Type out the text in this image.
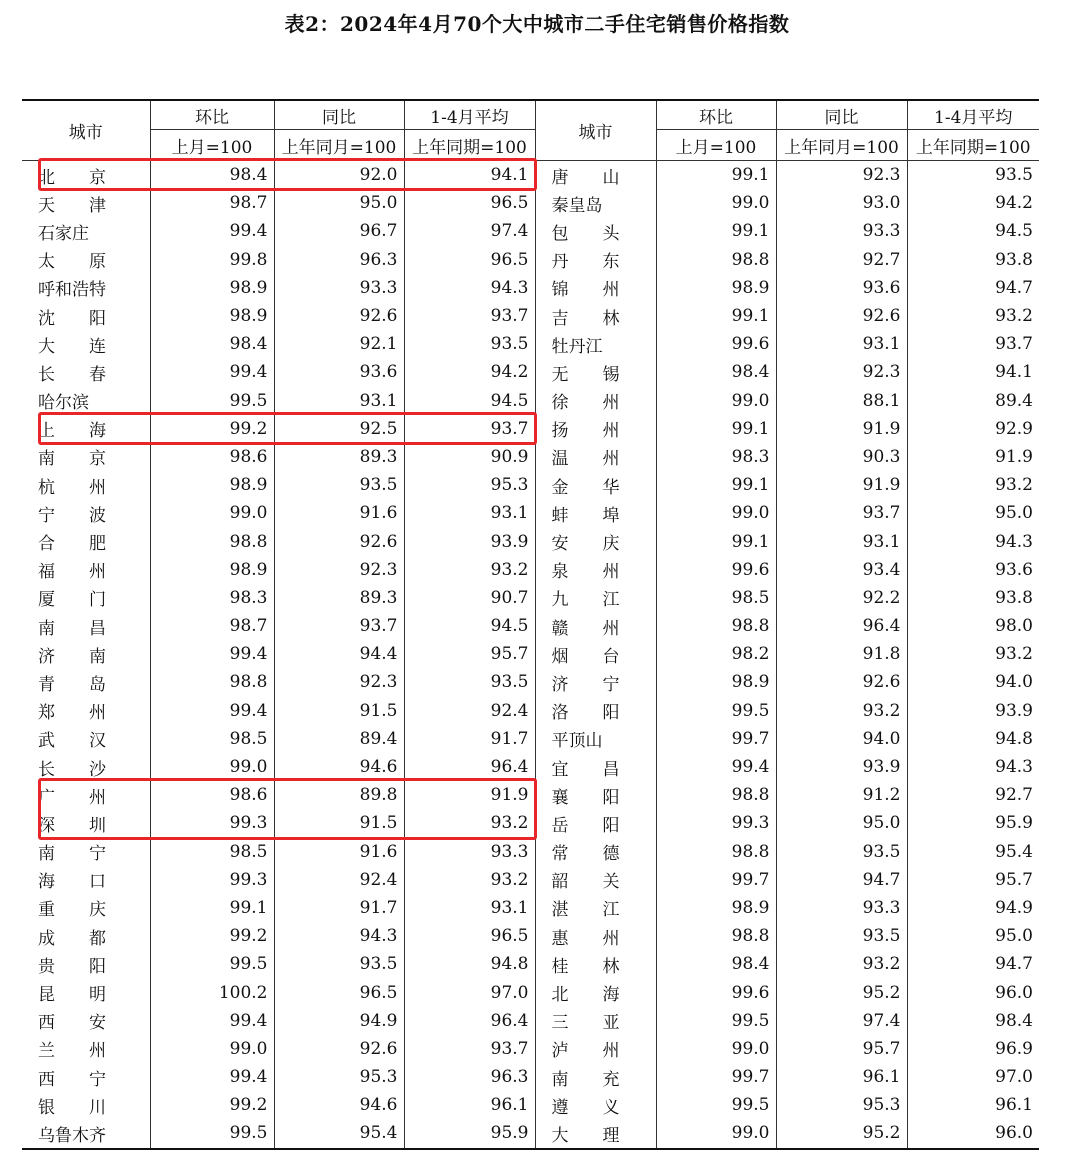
表2：2024年4月70个大中城市二手住宅销售价格指数
城市	环比	同比	1-4月平均	城市	环比	同比	1-4月平均
	上月=100	上年同月=100	上年同期=100		上月=100	上年同月=100	上年同期=100
北　　京	98.4	92.0	94.1	唐　　山	99.1	92.3	93.5
天　　津	98.7	95.0	96.5	秦皇岛	99.0	93.0	94.2
石家庄	99.4	96.7	97.4	包　　头	99.1	93.3	94.5
太　　原	99.8	96.3	96.5	丹　　东	98.8	92.7	93.8
呼和浩特	98.9	93.3	94.3	锦　　州	98.9	93.6	94.7
沈　　阳	98.9	92.6	93.7	吉　　林	99.1	92.6	93.2
大　　连	98.4	92.1	93.5	牡丹江	99.6	93.1	93.7
长　　春	99.4	93.6	94.2	无　　锡	98.4	92.3	94.1
哈尔滨	99.5	93.1	94.5	徐　　州	99.0	88.1	89.4
上　　海	99.2	92.5	93.7	扬　　州	99.1	91.9	92.9
南　　京	98.6	89.3	90.9	温　　州	98.3	90.3	91.9
杭　　州	98.9	93.5	95.3	金　　华	99.1	91.9	93.2
宁　　波	99.0	91.6	93.1	蚌　　埠	99.0	93.7	95.0
合　　肥	98.8	92.6	93.9	安　　庆	99.1	93.1	94.3
福　　州	98.9	92.3	93.2	泉　　州	99.6	93.4	93.6
厦　　门	98.3	89.3	90.7	九　　江	98.5	92.2	93.8
南　　昌	98.7	93.7	94.5	赣　　州	98.8	96.4	98.0
济　　南	99.4	94.4	95.7	烟　　台	98.2	91.8	93.2
青　　岛	98.8	92.3	93.5	济　　宁	98.9	92.6	94.0
郑　　州	99.4	91.5	92.4	洛　　阳	99.5	93.2	93.9
武　　汉	98.5	89.4	91.7	平顶山	99.7	94.0	94.8
长　　沙	99.0	94.6	96.4	宜　　昌	99.4	93.9	94.3
广　　州	98.6	89.8	91.9	襄　　阳	98.8	91.2	92.7
深　　圳	99.3	91.5	93.2	岳　　阳	99.3	95.0	95.9
南　　宁	98.5	91.6	93.3	常　　德	98.8	93.5	95.4
海　　口	99.3	92.4	93.2	韶　　关	99.7	94.7	95.7
重　　庆	99.1	91.7	93.1	湛　　江	98.9	93.3	94.9
成　　都	99.2	94.3	96.5	惠　　州	98.8	93.5	95.0
贵　　阳	99.5	93.5	94.8	桂　　林	98.4	93.2	94.7
昆　　明	100.2	96.5	97.0	北　　海	99.6	95.2	96.0
西　　安	99.4	94.9	96.4	三　　亚	99.5	97.4	98.4
兰　　州	99.0	92.6	93.7	泸　　州	99.0	95.7	96.9
西　　宁	99.4	95.3	96.3	南　　充	99.7	96.1	97.0
银　　川	99.2	94.6	96.1	遵　　义	99.5	95.3	96.1
乌鲁木齐	99.5	95.4	95.9	大　　理	99.0	95.2	96.0
